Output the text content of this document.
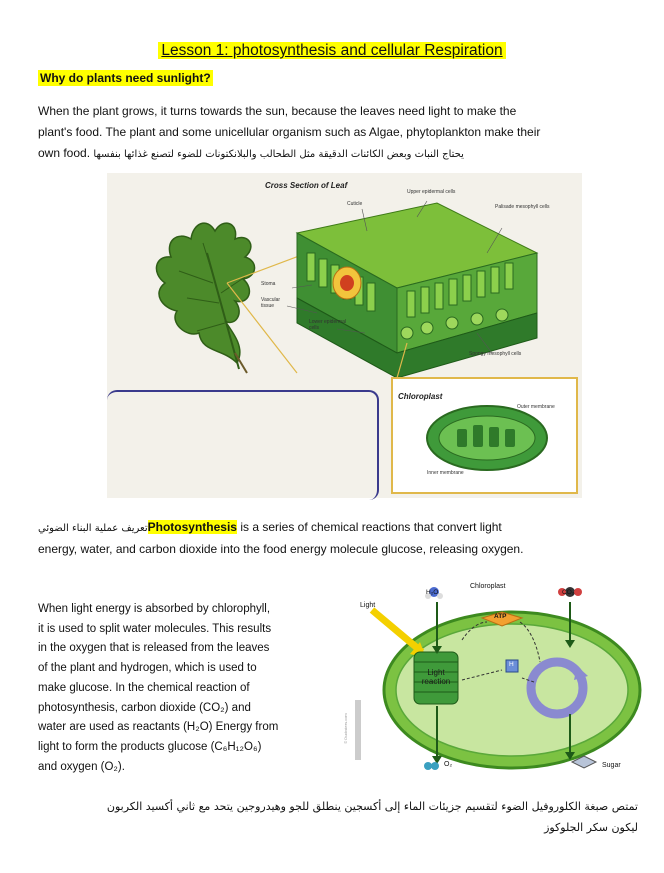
Lesson 1: photosynthesis and cellular Respiration
Why do plants need sunlight?
When the plant grows, it turns towards the sun, because the leaves need light to make the
plant's food. The plant and some unicellular organism such as Algae, phytoplankton make their
own food. يحتاج النبات وبعض الكائنات الدقيقة مثل الطحالب والبلانكتونات للضوء لتصنع غذائها بنفسها
Cross Section of Leaf
Upper epidermal cells
Cuticle	Palisade mesophyll cells
Stoma
Vascular tissue
Lower epidermal cells
Spongy mesophyll cells
Chloroplast
Outer membrane
Inner membrane
تعريف عملية البناء الضوئيPhotosynthesis is a series of chemical reactions that convert light
energy, water, and carbon dioxide into the food energy molecule glucose, releasing oxygen.
When light energy is absorbed by chlorophyll,
it is used to split water molecules. This results
in the oxygen that is released from the leaves
of the plant and hydrogen, which is used to
make glucose. In the chemical reaction of
photosynthesis, carbon dioxide (CO₂) and
water are used as reactants (H₂O) Energy from
light to form the products glucose (C₆H₁₂O₆)
and oxygen (O₂).
Light
H₂O
Chloroplast
CO₂
ATP
H
Light reaction
O₂	Sugar
© Ducksters.com
تمتص صبغة الكلوروفيل الضوء لتقسيم جزيئات الماء إلى أكسجين ينطلق للجو وهيدروجين يتحد مع ثاني أكسيد الكربون
ليكون سكر الجلوكوز
